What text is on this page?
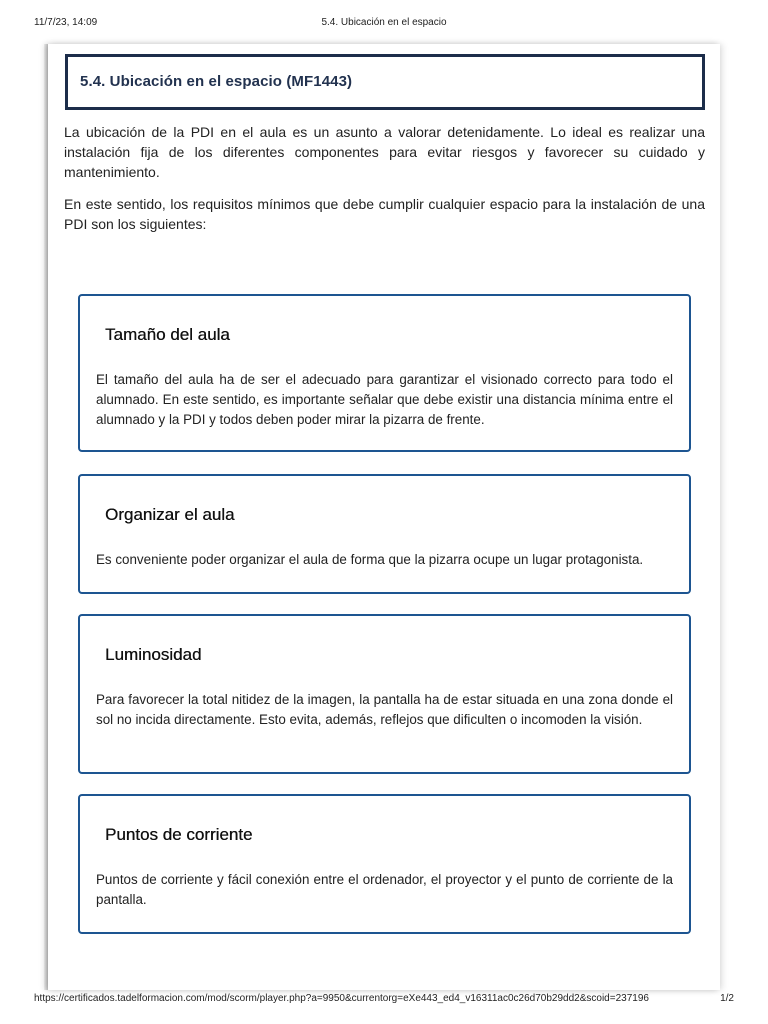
11/7/23, 14:09	5.4. Ubicación en el espacio
5.4. Ubicación en el espacio (MF1443)

La ubicación de la PDI en el aula es un asunto a valorar detenidamente. Lo ideal es realizar una instalación fija de los diferentes componentes para evitar riesgos y favorecer su cuidado y mantenimiento.

En este sentido, los requisitos mínimos que debe cumplir cualquier espacio para la instalación de una PDI son los siguientes:

Tamaño del aula

El tamaño del aula ha de ser el adecuado para garantizar el visionado correcto para todo el alumnado. En este sentido, es importante señalar que debe existir una distancia mínima entre el alumnado y la PDI y todos deben poder mirar la pizarra de frente.

Organizar el aula

Es conveniente poder organizar el aula de forma que la pizarra ocupe un lugar protagonista.

Luminosidad

Para favorecer la total nitidez de la imagen, la pantalla ha de estar situada en una zona donde el sol no incida directamente. Esto evita, además, reflejos que dificulten o incomoden la visión.

Puntos de corriente

Puntos de corriente y fácil conexión entre el ordenador, el proyector y el punto de corriente de la pantalla.

https://certificados.tadelformacion.com/mod/scorm/player.php?a=9950&currentorg=eXe443_ed4_v16311ac0c26d70b29dd2&scoid=237196	1/2
